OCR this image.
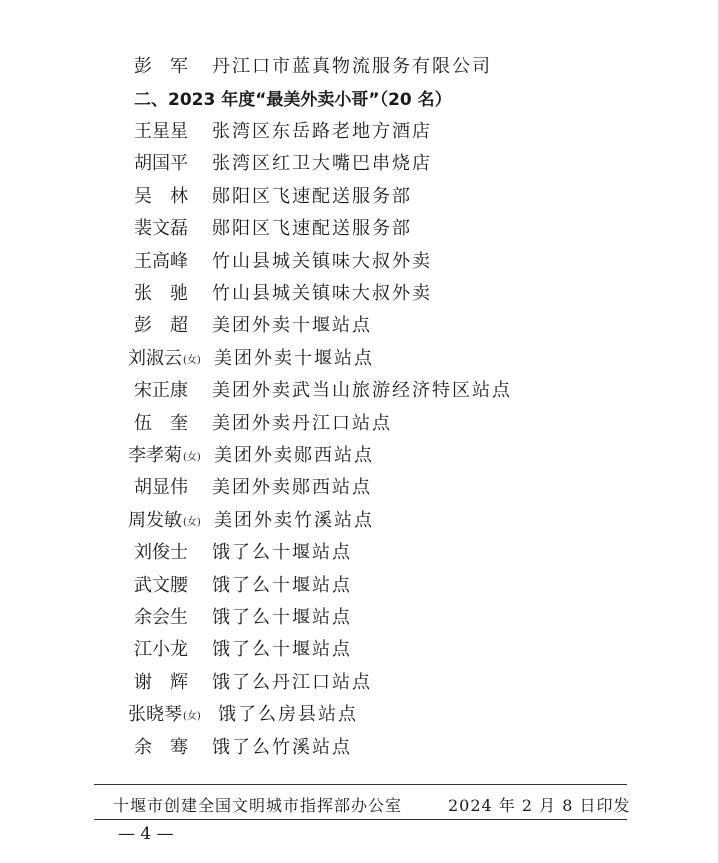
彭　军 丹江口市蓝真物流服务有限公司
二、2023 年度“最美外卖小哥”（20 名）
王星星 张湾区东岳路老地方酒店
胡国平 张湾区红卫大嘴巴串烧店
吴　林 郧阳区飞速配送服务部
裴文磊 郧阳区飞速配送服务部
王高峰 竹山县城关镇味大叔外卖
张　驰 竹山县城关镇味大叔外卖
彭　超 美团外卖十堰站点
刘淑云 (女) 美团外卖十堰站点
宋正康 美团外卖武当山旅游经济特区站点
伍　奎 美团外卖丹江口站点
李孝菊 (女) 美团外卖郧西站点
胡显伟 美团外卖郧西站点
周发敏 (女) 美团外卖竹溪站点
刘俊士 饿了么十堰站点
武文腰 饿了么十堰站点
余会生 饿了么十堰站点
江小龙 饿了么十堰站点
谢　辉 饿了么丹江口站点
张晓琴 (女) 饿了么房县站点
余　骞 饿了么竹溪站点
十堰市创建全国文明城市指挥部办公室	2024 年 2 月 8 日印发
— 4 —
